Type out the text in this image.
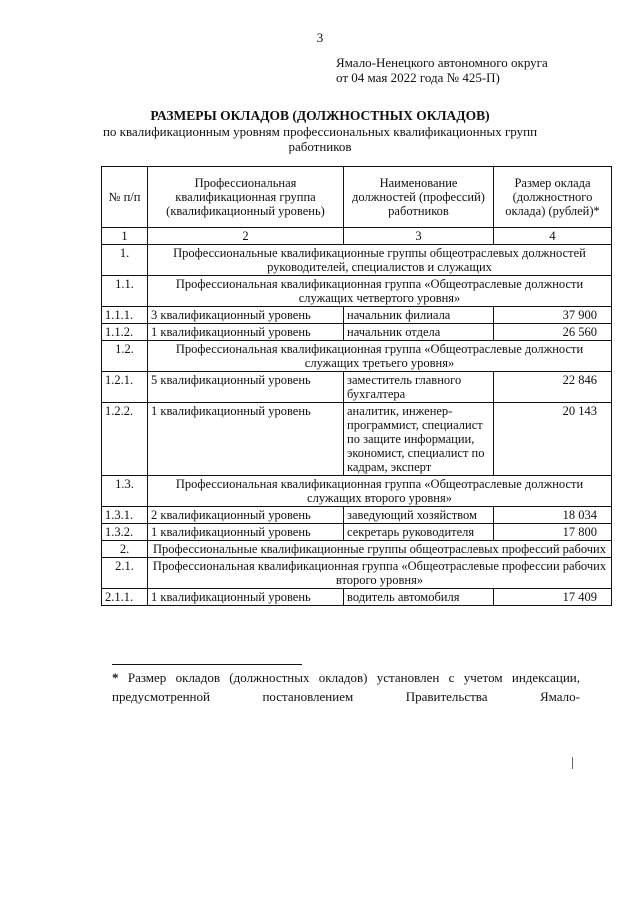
3
Ямало-Ненецкого автономного округа
от 04 мая 2022 года № 425-П)
РАЗМЕРЫ ОКЛАДОВ (ДОЛЖНОСТНЫХ ОКЛАДОВ)
по квалификационным уровням профессиональных квалификационных групп работников
№ п/п	Профессиональная квалификационная группа (квалификационный уровень)	Наименование должностей (профессий) работников	Размер оклада (должностного оклада) (рублей)*
1	2	3	4
1.	Профессиональные квалификационные группы общеотраслевых должностей руководителей, специалистов и служащих		
1.1.	Профессиональная квалификационная группа «Общеотраслевые должности служащих четвертого уровня»		
1.1.1.	3 квалификационный уровень	начальник филиала	37 900
1.1.2.	1 квалификационный уровень	начальник отдела	26 560
1.2.	Профессиональная квалификационная группа «Общеотраслевые должности служащих третьего уровня»		
1.2.1.	5 квалификационный уровень	заместитель главного бухгалтера	22 846
1.2.2.	1 квалификационный уровень	аналитик, инженер-программист, специалист по защите информации, экономист, специалист по кадрам, эксперт	20 143
1.3.	Профессиональная квалификационная группа «Общеотраслевые должности служащих второго уровня»		
1.3.1.	2 квалификационный уровень	заведующий хозяйством	18 034
1.3.2.	1 квалификационный уровень	секретарь руководителя	17 800
2.	Профессиональные квалификационные группы общеотраслевых профессий рабочих		
2.1.	Профессиональная квалификационная группа «Общеотраслевые профессии рабочих второго уровня»		
2.1.1.	1 квалификационный уровень	водитель автомобиля	17 409
* Размер окладов (должностных окладов) установлен с учетом индексации, предусмотренной постановлением Правительства Ямало-
